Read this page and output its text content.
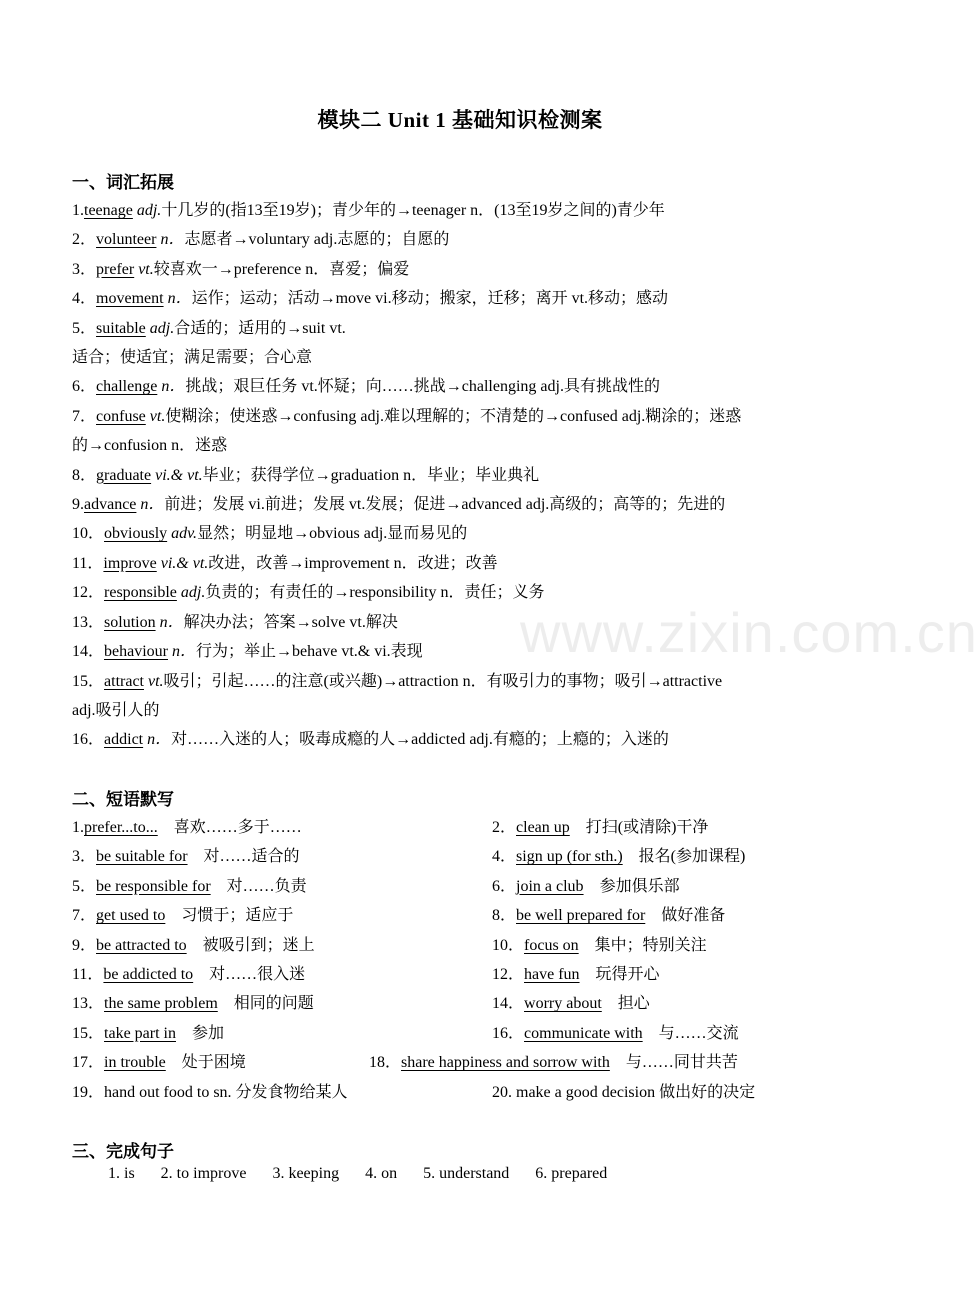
www.zixin.com.cn
模块二 Unit 1 基础知识检测案
一、词汇拓展
1.teenage adj.十几岁的(指13至19岁)；青少年的→teenager n．(13至19岁之间的)青少年
2．volunteer n．志愿者→voluntary adj.志愿的；自愿的
3．prefer vt.较喜欢一→preference n．喜爱；偏爱
4．movement n．运作；运动；活动→move vi.移动；搬家，迁移；离开 vt.移动；感动
5．suitable adj.合适的；适用的→suit vt.
适合；使适宜；满足需要；合心意
6．challenge n．挑战；艰巨任务 vt.怀疑；向……挑战→challenging adj.具有挑战性的
7．confuse vt.使糊涂；使迷惑→confusing adj.难以理解的；不清楚的→confused adj.糊涂的；迷惑
的→confusion n．迷惑
8．graduate vi.& vt.毕业；获得学位→graduation n．毕业；毕业典礼
9.advance n．前进；发展 vi.前进；发展 vt.发展；促进→advanced adj.高级的；高等的；先进的
10．obviously adv.显然；明显地→obvious adj.显而易见的
11．improve vi.& vt.改进，改善→improvement n．改进；改善
12．responsible adj.负责的；有责任的→responsibility n．责任；义务
13．solution n．解决办法；答案→solve vt.解决
14．behaviour n．行为；举止→behave vt.& vi.表现
15．attract vt.吸引；引起……的注意(或兴趣)→attraction n．有吸引力的事物；吸引→attractive
adj.吸引人的
16．addict n．对……入迷的人；吸毒成瘾的人→addicted adj.有瘾的；上瘾的；入迷的
二、短语默写
1.prefer...to...　喜欢……多于……	2．clean up　打扫(或清除)干净
3．be suitable for　对……适合的	4．sign up (for sth.)　报名(参加课程)
5．be responsible for　对……负责	6．join a club　参加俱乐部
7．get used to　习惯于；适应于	8．be well prepared for　做好准备
9．be attracted to　被吸引到；迷上	10．focus on　集中；特别关注
11．be addicted to　对……很入迷	12．have fun　玩得开心
13．the same problem　相同的问题	14．worry about　担心
15．take part in　参加	16．communicate with　与……交流
17．in trouble　处于困境	18．share happiness and sorrow with　与……同甘共苦
19．hand out food to sn. 分发食物给某人	20. make a good decision 做出好的决定
三、完成句子
1. is 2. to improve 3. keeping 4. on 5. understand 6. prepared
